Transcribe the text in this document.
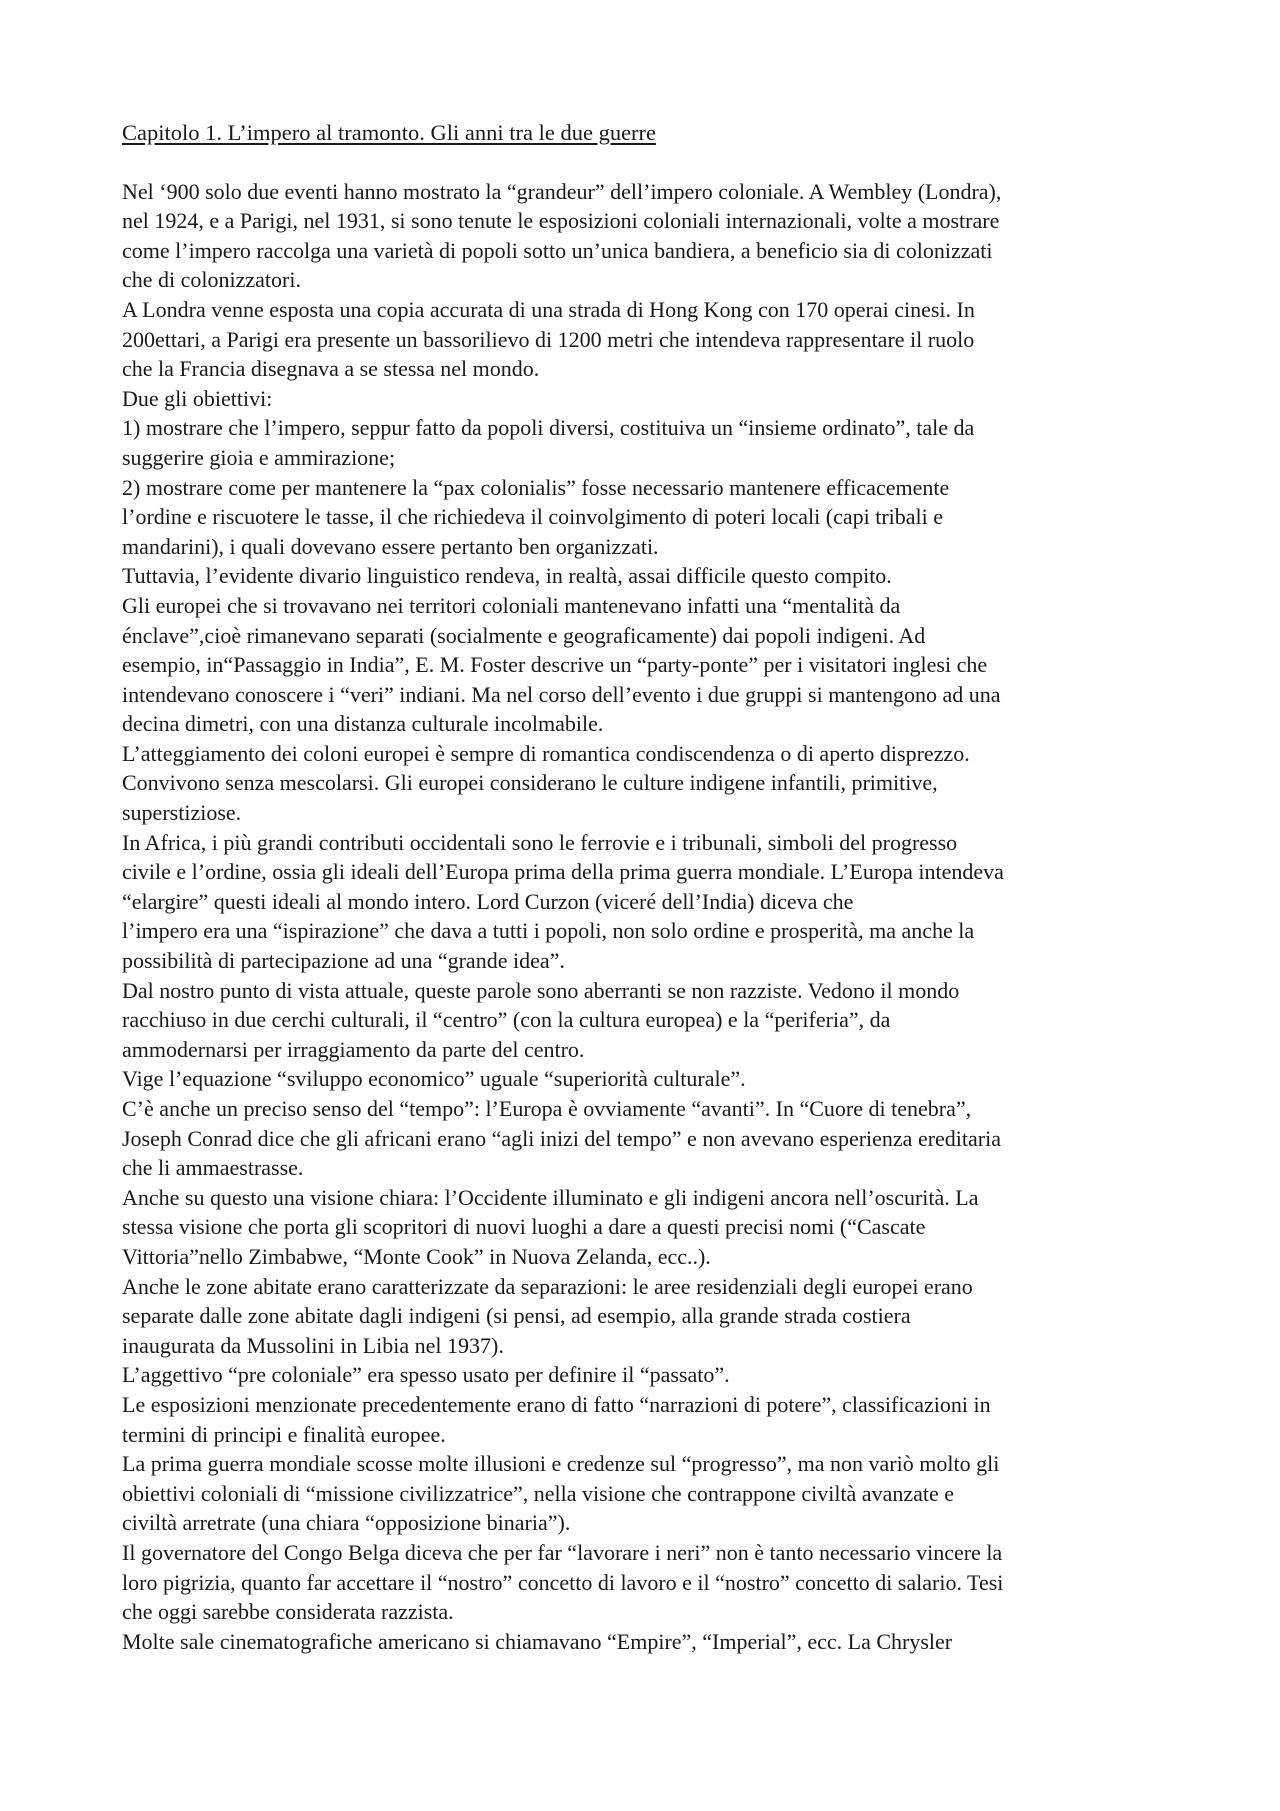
Capitolo 1. L’impero al tramonto. Gli anni tra le due guerre
Nel ‘900 solo due eventi hanno mostrato la “grandeur” dell’impero coloniale. A Wembley (Londra),
nel 1924, e a Parigi, nel 1931, si sono tenute le esposizioni coloniali internazionali, volte a mostrare
come l’impero raccolga una varietà di popoli sotto un’unica bandiera, a beneficio sia di colonizzati
che di colonizzatori.
A Londra venne esposta una copia accurata di una strada di Hong Kong con 170 operai cinesi. In
200ettari, a Parigi era presente un bassorilievo di 1200 metri che intendeva rappresentare il ruolo
che la Francia disegnava a se stessa nel mondo.
Due gli obiettivi:
1) mostrare che l’impero, seppur fatto da popoli diversi, costituiva un “insieme ordinato”, tale da
suggerire gioia e ammirazione;
2) mostrare come per mantenere la “pax colonialis” fosse necessario mantenere efficacemente
l’ordine e riscuotere le tasse, il che richiedeva il coinvolgimento di poteri locali (capi tribali e
mandarini), i quali dovevano essere pertanto ben organizzati.
Tuttavia, l’evidente divario linguistico rendeva, in realtà, assai difficile questo compito.
Gli europei che si trovavano nei territori coloniali mantenevano infatti una “mentalità da
énclave”,cioè rimanevano separati (socialmente e geograficamente) dai popoli indigeni. Ad
esempio, in“Passaggio in India”, E. M. Foster descrive un “party-ponte” per i visitatori inglesi che
intendevano conoscere i “veri” indiani. Ma nel corso dell’evento i due gruppi si mantengono ad una
decina dimetri, con una distanza culturale incolmabile.
L’atteggiamento dei coloni europei è sempre di romantica condiscendenza o di aperto disprezzo.
Convivono senza mescolarsi. Gli europei considerano le culture indigene infantili, primitive,
superstiziose.
In Africa, i più grandi contributi occidentali sono le ferrovie e i tribunali, simboli del progresso
civile e l’ordine, ossia gli ideali dell’Europa prima della prima guerra mondiale. L’Europa intendeva
“elargire” questi ideali al mondo intero. Lord Curzon (viceré dell’India) diceva che
l’impero era una “ispirazione” che dava a tutti i popoli, non solo ordine e prosperità, ma anche la
possibilità di partecipazione ad una “grande idea”.
Dal nostro punto di vista attuale, queste parole sono aberranti se non razziste. Vedono il mondo
racchiuso in due cerchi culturali, il “centro” (con la cultura europea) e la “periferia”, da
ammodernarsi per irraggiamento da parte del centro.
Vige l’equazione “sviluppo economico” uguale “superiorità culturale”.
C’è anche un preciso senso del “tempo”: l’Europa è ovviamente “avanti”. In “Cuore di tenebra”,
Joseph Conrad dice che gli africani erano “agli inizi del tempo” e non avevano esperienza ereditaria
che li ammaestrasse.
Anche su questo una visione chiara: l’Occidente illuminato e gli indigeni ancora nell’oscurità. La
stessa visione che porta gli scopritori di nuovi luoghi a dare a questi precisi nomi (“Cascate
Vittoria”nello Zimbabwe, “Monte Cook” in Nuova Zelanda, ecc..).
Anche le zone abitate erano caratterizzate da separazioni: le aree residenziali degli europei erano
separate dalle zone abitate dagli indigeni (si pensi, ad esempio, alla grande strada costiera
inaugurata da Mussolini in Libia nel 1937).
L’aggettivo “pre coloniale” era spesso usato per definire il “passato”.
Le esposizioni menzionate precedentemente erano di fatto “narrazioni di potere”, classificazioni in
termini di principi e finalità europee.
La prima guerra mondiale scosse molte illusioni e credenze sul “progresso”, ma non variò molto gli
obiettivi coloniali di “missione civilizzatrice”, nella visione che contrappone civiltà avanzate e
civiltà arretrate (una chiara “opposizione binaria”).
Il governatore del Congo Belga diceva che per far “lavorare i neri” non è tanto necessario vincere la
loro pigrizia, quanto far accettare il “nostro” concetto di lavoro e il “nostro” concetto di salario. Tesi
che oggi sarebbe considerata razzista.
Molte sale cinematografiche americano si chiamavano “Empire”, “Imperial”, ecc. La Chrysler
